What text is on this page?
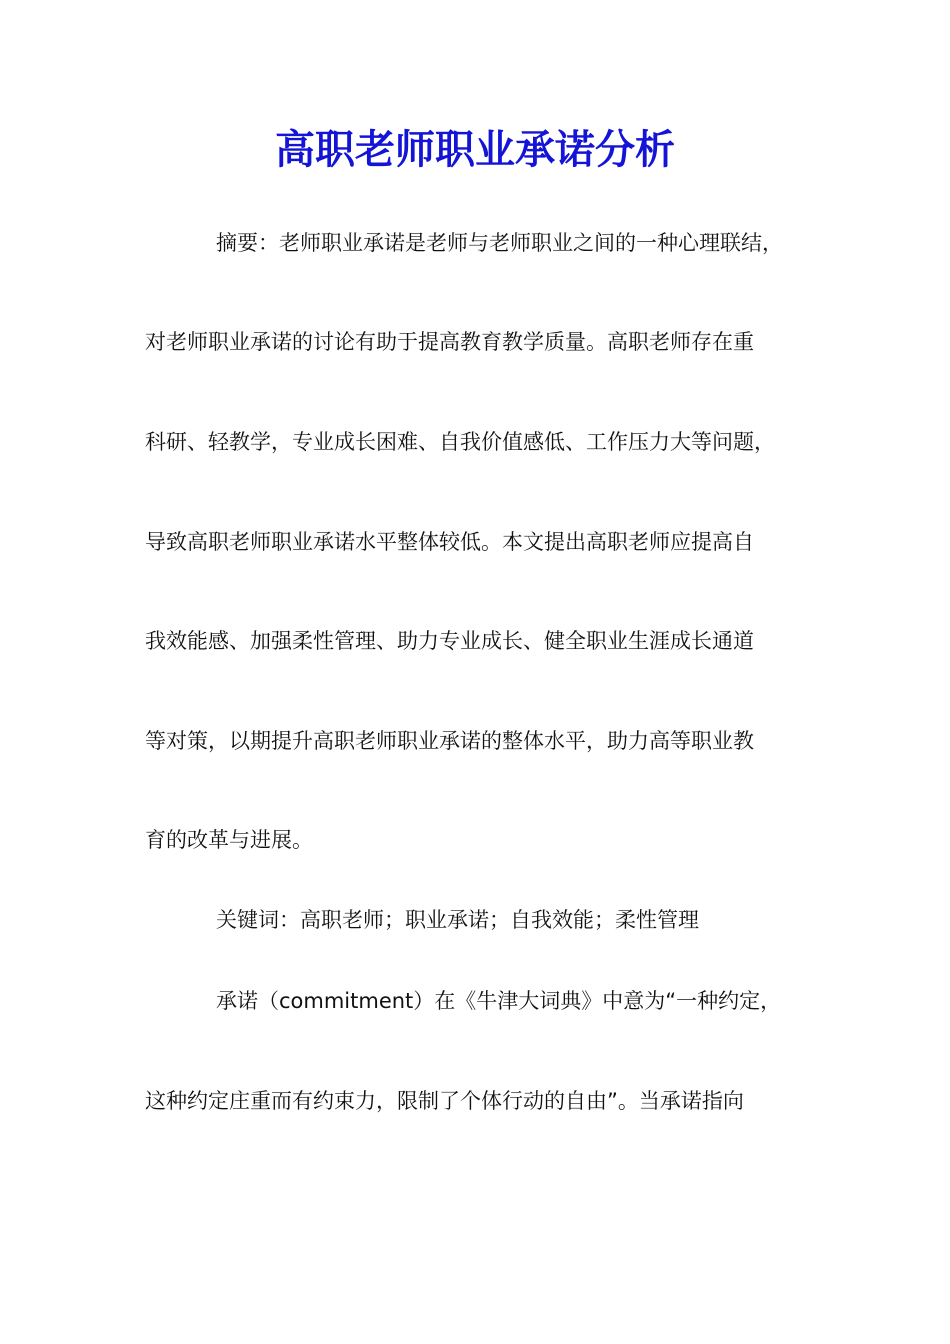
高职老师职业承诺分析

摘要：老师职业承诺是老师与老师职业之间的一种心理联结，

对老师职业承诺的讨论有助于提高教育教学质量。高职老师存在重

科研、轻教学，专业成长困难、自我价值感低、工作压力大等问题，

导致高职老师职业承诺水平整体较低。本文提出高职老师应提高自

我效能感、加强柔性管理、助力专业成长、健全职业生涯成长通道

等对策，以期提升高职老师职业承诺的整体水平，助力高等职业教

育的改革与进展。

关键词：高职老师；职业承诺；自我效能；柔性管理

承诺（commitment）在《牛津大词典》中意为“一种约定，

这种约定庄重而有约束力，限制了个体行动的自由”。当承诺指向
